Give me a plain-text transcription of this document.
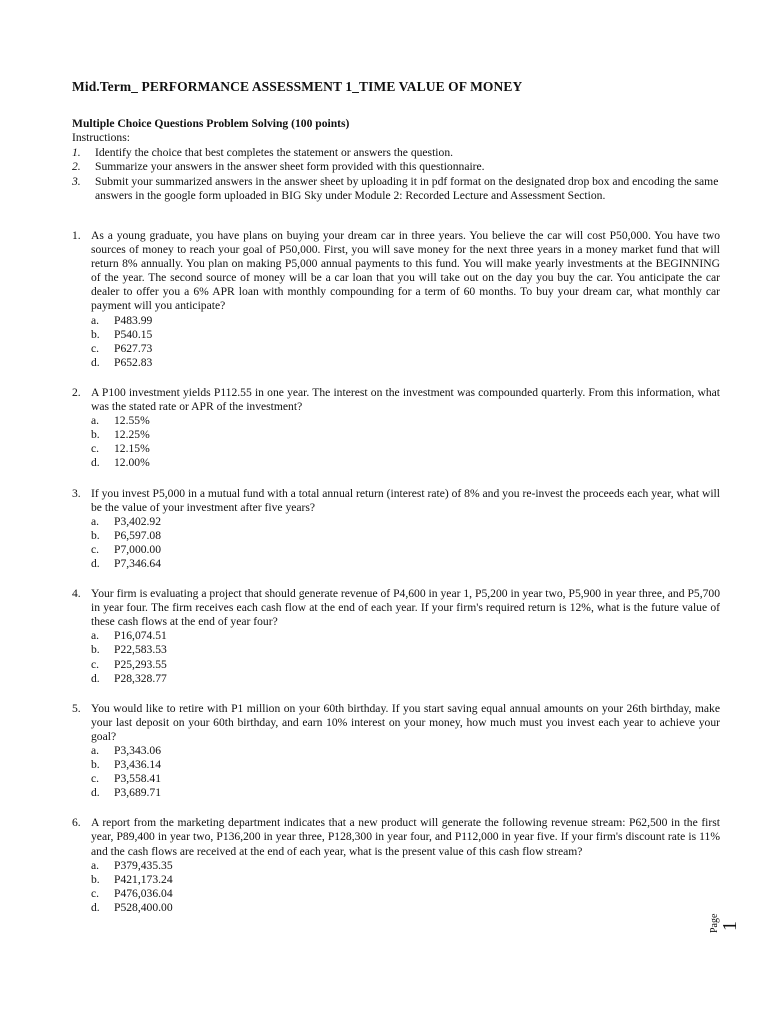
Mid.Term_ PERFORMANCE ASSESSMENT 1_TIME VALUE OF MONEY
Multiple Choice Questions Problem Solving (100 points)
Instructions:
1. Identify the choice that best completes the statement or answers the question.
2. Summarize your answers in the answer sheet form provided with this questionnaire.
3. Submit your summarized answers in the answer sheet by uploading it in pdf format on the designated drop box and encoding the same answers in the google form uploaded in BIG Sky under Module 2: Recorded Lecture and Assessment Section.
1. As a young graduate, you have plans on buying your dream car in three years. You believe the car will cost P50,000. You have two sources of money to reach your goal of P50,000. First, you will save money for the next three years in a money market fund that will return 8% annually. You plan on making P5,000 annual payments to this fund. You will make yearly investments at the BEGINNING of the year. The second source of money will be a car loan that you will take out on the day you buy the car. You anticipate the car dealer to offer you a 6% APR loan with monthly compounding for a term of 60 months. To buy your dream car, what monthly car payment will you anticipate?
a. P483.99
b. P540.15
c. P627.73
d. P652.83
2. A P100 investment yields P112.55 in one year. The interest on the investment was compounded quarterly. From this information, what was the stated rate or APR of the investment?
a. 12.55%
b. 12.25%
c. 12.15%
d. 12.00%
3. If you invest P5,000 in a mutual fund with a total annual return (interest rate) of 8% and you re-invest the proceeds each year, what will be the value of your investment after five years?
a. P3,402.92
b. P6,597.08
c. P7,000.00
d. P7,346.64
4. Your firm is evaluating a project that should generate revenue of P4,600 in year 1, P5,200 in year two, P5,900 in year three, and P5,700 in year four. The firm receives each cash flow at the end of each year. If your firm's required return is 12%, what is the future value of these cash flows at the end of year four?
a. P16,074.51
b. P22,583.53
c. P25,293.55
d. P28,328.77
5. You would like to retire with P1 million on your 60th birthday. If you start saving equal annual amounts on your 26th birthday, make your last deposit on your 60th birthday, and earn 10% interest on your money, how much must you invest each year to achieve your goal?
a. P3,343.06
b. P3,436.14
c. P3,558.41
d. P3,689.71
6. A report from the marketing department indicates that a new product will generate the following revenue stream: P62,500 in the first year, P89,400 in year two, P136,200 in year three, P128,300 in year four, and P112,000 in year five. If your firm's discount rate is 11% and the cash flows are received at the end of each year, what is the present value of this cash flow stream?
a. P379,435.35
b. P421,173.24
c. P476,036.04
d. P528,400.00
Page 1
